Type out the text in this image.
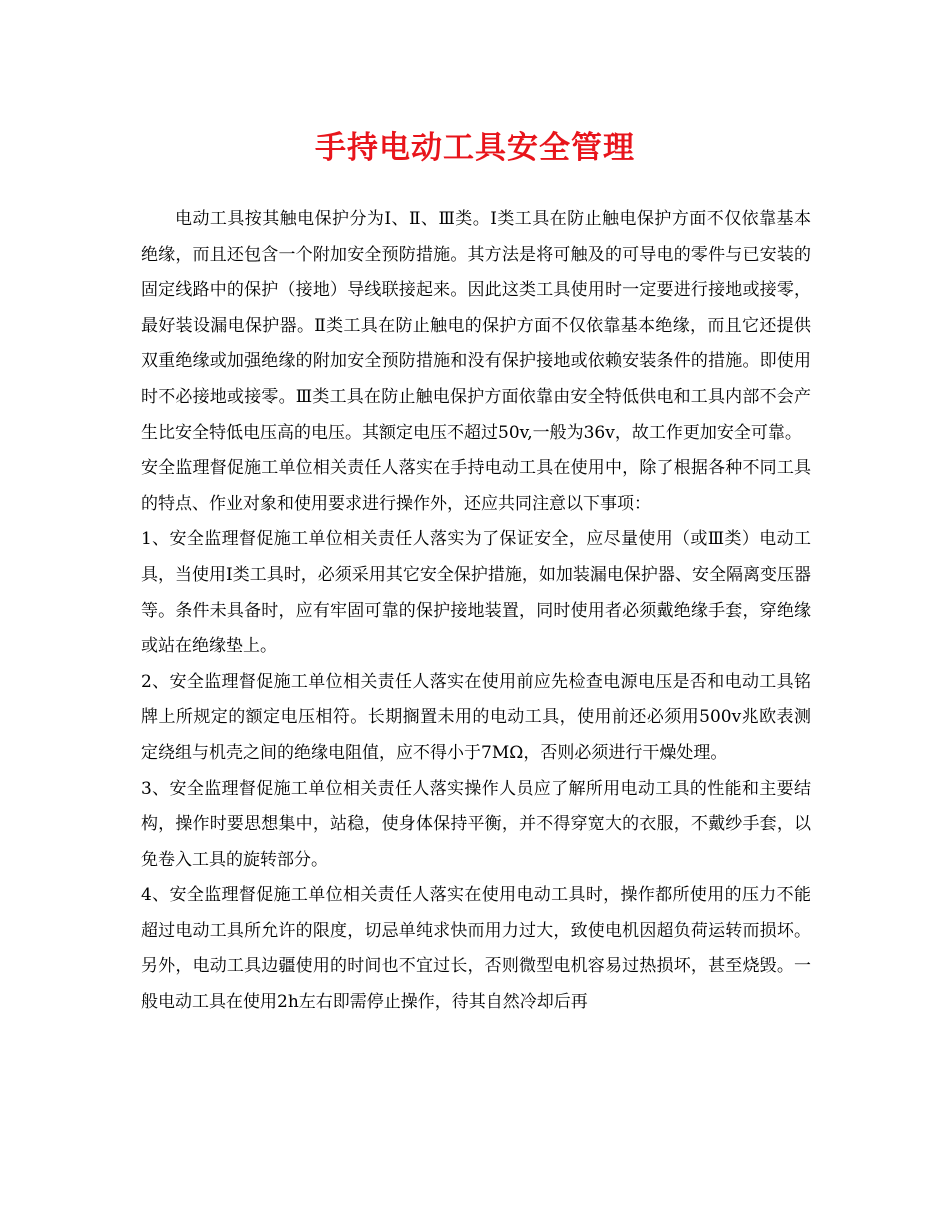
手持电动工具安全管理

电动工具按其触电保护分为Ⅰ、Ⅱ、Ⅲ类。Ⅰ类工具在防止触电保护方面不仅依靠基本绝缘，而且还包含一个附加安全预防措施。其方法是将可触及的可导电的零件与已安装的固定线路中的保护（接地）导线联接起来。因此这类工具使用时一定要进行接地或接零，最好装设漏电保护器。Ⅱ类工具在防止触电的保护方面不仅依靠基本绝缘，而且它还提供双重绝缘或加强绝缘的附加安全预防措施和没有保护接地或依赖安装条件的措施。即使用时不必接地或接零。Ⅲ类工具在防止触电保护方面依靠由安全特低供电和工具内部不会产生比安全特低电压高的电压。其额定电压不超过50v,一般为36v，故工作更加安全可靠。

安全监理督促施工单位相关责任人落实在手持电动工具在使用中，除了根据各种不同工具的特点、作业对象和使用要求进行操作外，还应共同注意以下事项：

1、安全监理督促施工单位相关责任人落实为了保证安全，应尽量使用（或Ⅲ类）电动工具，当使用Ⅰ类工具时，必须采用其它安全保护措施，如加装漏电保护器、安全隔离变压器等。条件未具备时，应有牢固可靠的保护接地装置，同时使用者必须戴绝缘手套，穿绝缘或站在绝缘垫上。

2、安全监理督促施工单位相关责任人落实在使用前应先检查电源电压是否和电动工具铭牌上所规定的额定电压相符。长期搁置未用的电动工具，使用前还必须用500v兆欧表测定绕组与机壳之间的绝缘电阻值，应不得小于7MΩ，否则必须进行干燥处理。

3、安全监理督促施工单位相关责任人落实操作人员应了解所用电动工具的性能和主要结构，操作时要思想集中，站稳，使身体保持平衡，并不得穿宽大的衣服，不戴纱手套，以免卷入工具的旋转部分。

4、安全监理督促施工单位相关责任人落实在使用电动工具时，操作都所使用的压力不能超过电动工具所允许的限度，切忌单纯求快而用力过大，致使电机因超负荷运转而损坏。另外，电动工具边疆使用的时间也不宜过长，否则微型电机容易过热损坏，甚至烧毁。一般电动工具在使用2h左右即需停止操作，待其自然冷却后再
